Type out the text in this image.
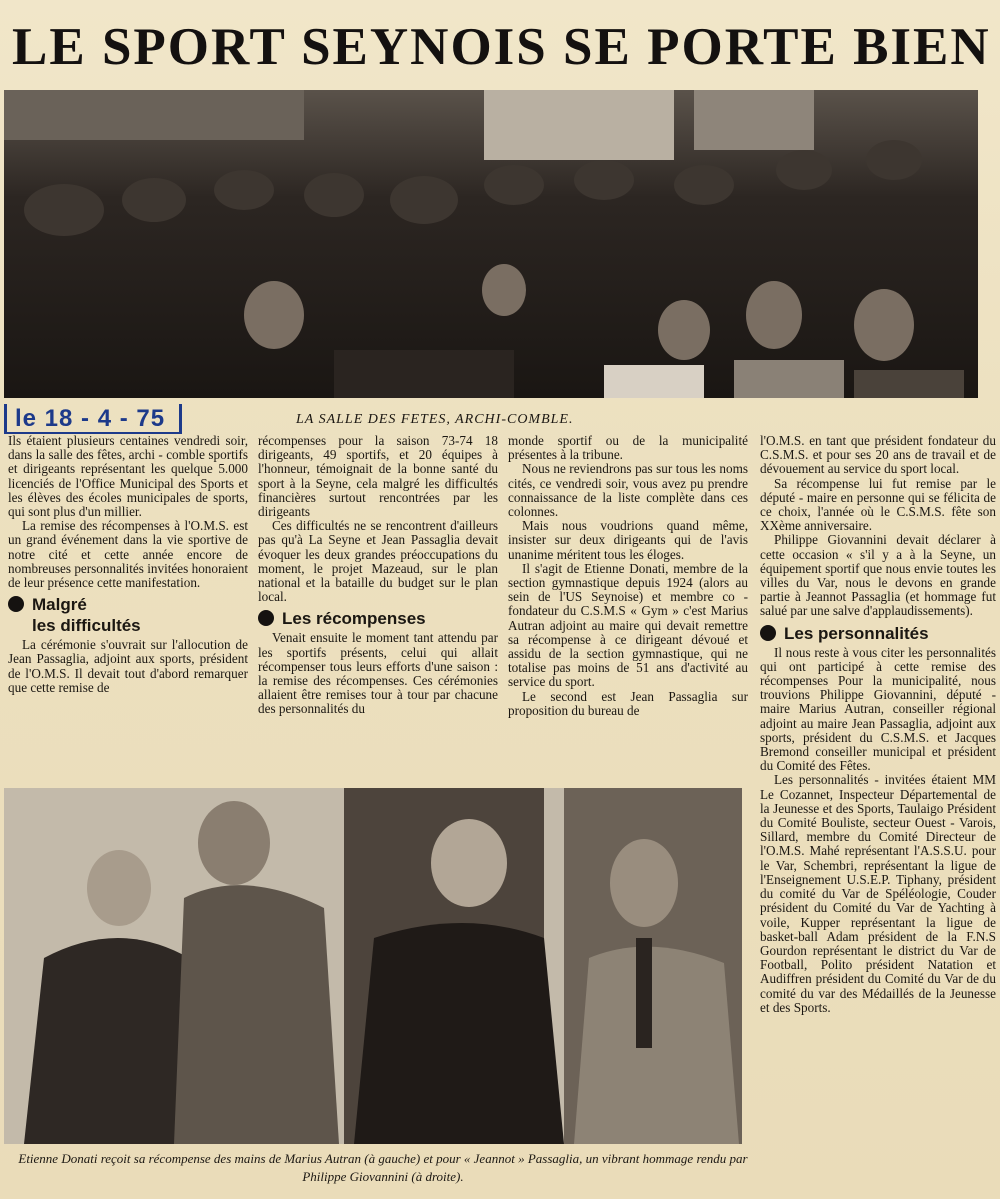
LE SPORT SEYNOIS SE PORTE BIEN
le 18 - 4 - 75	LA SALLE DES FETES, ARCHI-COMBLE.

Ils étaient plusieurs centaines vendredi soir, dans la salle des fêtes, archi - comble sportifs et dirigeants représentant les quelque 5.000 licenciés de l'Office Municipal des Sports et les élèves des écoles municipales de sports, qui sont plus d'un millier.

La remise des récompenses à l'O.M.S. est un grand événement dans la vie sportive de notre cité et cette année encore de nombreuses personnalités invitées honoraient de leur présence cette manifestation.

Malgré
les difficultés

La cérémonie s'ouvrait sur l'allocution de Jean Passaglia, adjoint aux sports, président de l'O.M.S. Il devait tout d'abord remarquer que cette remise de

récompenses pour la saison 73-74 18 dirigeants, 49 sportifs, et 20 équipes à l'honneur, témoignait de la bonne santé du sport à la Seyne, cela malgré les difficultés financières surtout rencontrées par les dirigeants

Ces difficultés ne se rencontrent d'ailleurs pas qu'à La Seyne et Jean Passaglia devait évoquer les deux grandes préoccupations du moment, le projet Mazeaud, sur le plan national et la bataille du budget sur le plan local.

Les récompenses

Venait ensuite le moment tant attendu par les sportifs présents, celui qui allait récompenser tous leurs efforts d'une saison : la remise des récompenses. Ces cérémonies allaient être remises tour à tour par chacune des personnalités du

monde sportif ou de la municipalité présentes à la tribune.

Nous ne reviendrons pas sur tous les noms cités, ce vendredi soir, vous avez pu prendre connaissance de la liste complète dans ces colonnes.

Mais nous voudrions quand même, insister sur deux dirigeants qui de l'avis unanime méritent tous les éloges.

Il s'agit de Etienne Donati, membre de la section gymnastique depuis 1924 (alors au sein de l'US Seynoise) et membre co - fondateur du C.S.M.S « Gym » c'est Marius Autran adjoint au maire qui devait remettre sa récompense à ce dirigeant dévoué et assidu de la section gymnastique, qui ne totalise pas moins de 51 ans d'activité au service du sport.

Le second est Jean Passaglia sur proposition du bureau de

l'O.M.S. en tant que président fondateur du C.S.M.S. et pour ses 20 ans de travail et de dévouement au service du sport local.

Sa récompense lui fut remise par le député - maire en personne qui se félicita de ce choix, l'année où le C.S.M.S. fête son XXème anniversaire.

Philippe Giovannini devait déclarer à cette occasion « s'il y a à la Seyne, un équipement sportif que nous envie toutes les villes du Var, nous le devons en grande partie à Jeannot Passaglia (et hommage fut salué par une salve d'applaudissements).

Les personnalités

Il nous reste à vous citer les personnalités qui ont participé à cette remise des récompenses Pour la municipalité, nous trouvions Philippe Giovannini, député - maire Marius Autran, conseiller régional adjoint au maire Jean Passaglia, adjoint aux sports, président du C.S.M.S. et Jacques Bremond conseiller municipal et président du Comité des Fêtes.

Les personnalités - invitées étaient MM Le Cozannet, Inspecteur Départemental de la Jeunesse et des Sports, Taulaigo Président du Comité Bouliste, secteur Ouest - Varois, Sillard, membre du Comité Directeur de l'O.M.S. Mahé représentant l'A.S.S.U. pour le Var, Schembri, représentant la ligue de l'Enseignement U.S.E.P. Tiphany, président du comité du Var de Spéléologie, Couder président du Comité du Var de Yachting à voile, Kupper représentant la ligue de basket-ball Adam président de la F.N.S Gourdon représentant le district du Var de Football, Polito président Natation et Audiffren président du Comité du Var de du comité du var des Médaillés de la Jeunesse et des Sports.

Etienne Donati reçoit sa récompense des mains de Marius Autran (à gauche) et pour « Jeannot » Passaglia, un vibrant hommage rendu par Philippe Giovannini (à droite).
